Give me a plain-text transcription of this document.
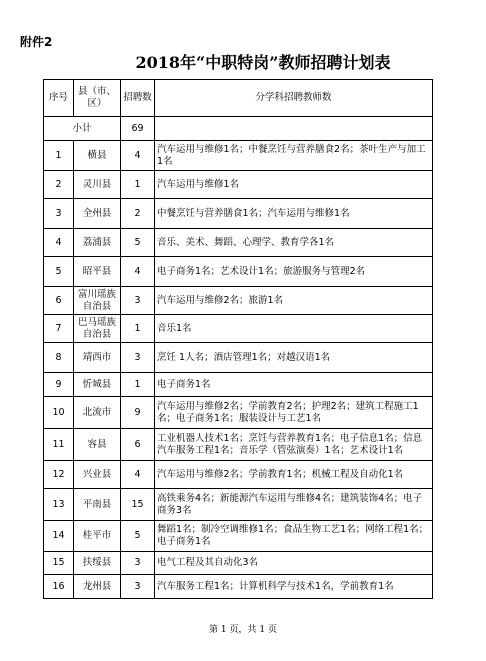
附件2
2018年“中职特岗”教师招聘计划表
序号	县（市、区）	招聘数	分学科招聘教师数
小计		69	
1	横县	4	汽车运用与维修1名；中餐烹饪与营养膳食2名；茶叶生产与加工1名
2	灵川县	1	汽车运用与维修1名
3	全州县	2	中餐烹饪与营养膳食1名；汽车运用与维修1名
4	荔浦县	5	音乐、美术、舞蹈、心理学、教育学各1名
5	昭平县	4	电子商务1名；艺术设计1名；旅游服务与管理2名
6	富川瑶族自治县	3	汽车运用与维修2名；旅游1名
7	巴马瑶族自治县	1	音乐1名
8	靖西市	3	烹饪 1人名；酒店管理1名；对越汉语1名
9	忻城县	1	电子商务1名
10	北流市	9	汽车运用与维修2名；学前教育2名；护理2名；建筑工程施工1名；电子商务1名；服装设计与工艺1名
11	容县	6	工业机器人技术1名；烹饪与营养教育1名；电子信息1名；信息汽车服务工程1名；音乐学（管弦演奏）1名；艺术设计1名
12	兴业县	4	汽车运用与维修2名；学前教育1名；机械工程及自动化1名
13	平南县	15	高铁乘务4名；新能源汽车运用与维修4名；建筑装饰4名；电子商务3名
14	桂平市	5	舞蹈1名；制冷空调维修1名；食品生物工艺1名；网络工程1名；电子商务1名
15	扶绥县	3	电气工程及其自动化3名
16	龙州县	3	汽车服务工程1名；计算机科学与技术1名，学前教育1名
第 1 页，共 1 页
